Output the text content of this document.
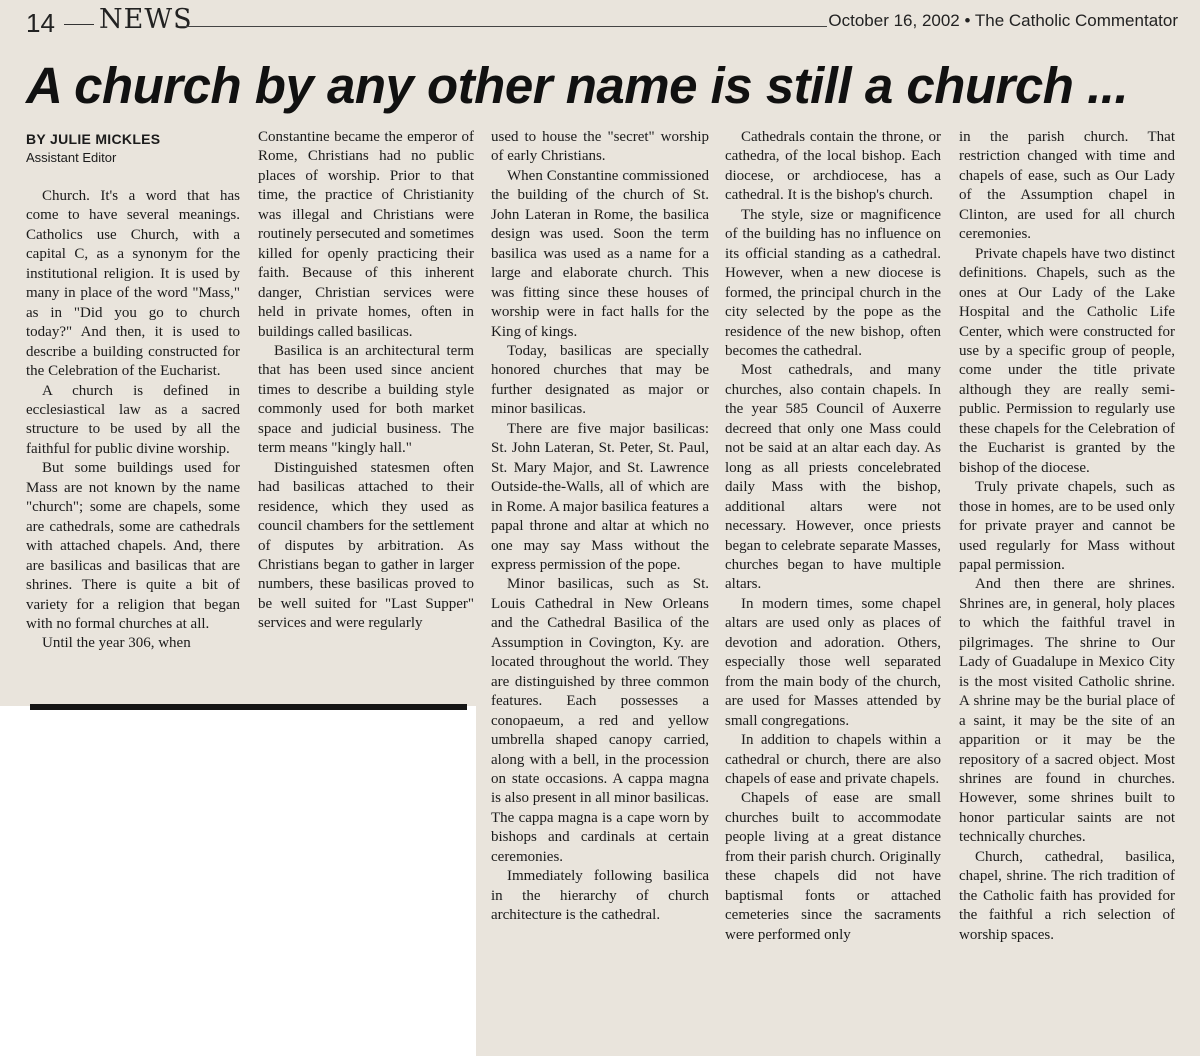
14 NEWS	October 16, 2002 • The Catholic Commentator
A church by any other name is still a church ...
BY JULIE MICKLES
Assistant Editor

Church. It's a word that has come to have several meanings. Catholics use Church, with a capital C, as a synonym for the institutional religion. It is used by many in place of the word "Mass," as in "Did you go to church today?" And then, it is used to describe a building constructed for the Celebration of the Eucharist.

A church is defined in ecclesiastical law as a sacred structure to be used by all the faithful for public divine worship.

But some buildings used for Mass are not known by the name "church"; some are chapels, some are cathedrals, some are cathedrals with attached chapels. And, there are basilicas and basilicas that are shrines. There is quite a bit of variety for a religion that began with no formal churches at all.

Until the year 306, when

Constantine became the emperor of Rome, Christians had no public places of worship. Prior to that time, the practice of Christianity was illegal and Christians were routinely persecuted and sometimes killed for openly practicing their faith. Because of this inherent danger, Christian services were held in private homes, often in buildings called basilicas.

Basilica is an architectural term that has been used since ancient times to describe a building style commonly used for both market space and judicial business. The term means "kingly hall."

Distinguished statesmen often had basilicas attached to their residence, which they used as council chambers for the settlement of disputes by arbitration. As Christians began to gather in larger numbers, these basilicas proved to be well suited for "Last Supper" services and were regularly

used to house the "secret" worship of early Christians.

When Constantine commissioned the building of the church of St. John Lateran in Rome, the basilica design was used. Soon the term basilica was used as a name for a large and elaborate church. This was fitting since these houses of worship were in fact halls for the King of kings.

Today, basilicas are specially honored churches that may be further designated as major or minor basilicas.

There are five major basilicas: St. John Lateran, St. Peter, St. Paul, St. Mary Major, and St. Lawrence Outside-the-Walls, all of which are in Rome. A major basilica features a papal throne and altar at which no one may say Mass without the express permission of the pope.

Minor basilicas, such as St. Louis Cathedral in New Orleans and the Cathedral Basilica of the Assumption in Covington, Ky. are located throughout the world. They are distinguished by three common features. Each possesses a conopaeum, a red and yellow umbrella shaped canopy carried, along with a bell, in the procession on state occasions. A cappa magna is also present in all minor basilicas. The cappa magna is a cape worn by bishops and cardinals at certain ceremonies.

Immediately following basilica in the hierarchy of church architecture is the cathedral.

Cathedrals contain the throne, or cathedra, of the local bishop. Each diocese, or archdiocese, has a cathedral. It is the bishop's church.

The style, size or magnificence of the building has no influence on its official standing as a cathedral. However, when a new diocese is formed, the principal church in the city selected by the pope as the residence of the new bishop, often becomes the cathedral.

Most cathedrals, and many churches, also contain chapels. In the year 585 Council of Auxerre decreed that only one Mass could not be said at an altar each day. As long as all priests concelebrated daily Mass with the bishop, additional altars were not necessary. However, once priests began to celebrate separate Masses, churches began to have multiple altars.

In modern times, some chapel altars are used only as places of devotion and adoration. Others, especially those well separated from the main body of the church, are used for Masses attended by small congregations.

In addition to chapels within a cathedral or church, there are also chapels of ease and private chapels.

Chapels of ease are small churches built to accommodate people living at a great distance from their parish church. Originally these chapels did not have baptismal fonts or attached cemeteries since the sacraments were performed only

in the parish church. That restriction changed with time and chapels of ease, such as Our Lady of the Assumption chapel in Clinton, are used for all church ceremonies.

Private chapels have two distinct definitions. Chapels, such as the ones at Our Lady of the Lake Hospital and the Catholic Life Center, which were constructed for use by a specific group of people, come under the title private although they are really semi-public. Permission to regularly use these chapels for the Celebration of the Eucharist is granted by the bishop of the diocese.

Truly private chapels, such as those in homes, are to be used only for private prayer and cannot be used regularly for Mass without papal permission.

And then there are shrines. Shrines are, in general, holy places to which the faithful travel in pilgrimages. The shrine to Our Lady of Guadalupe in Mexico City is the most visited Catholic shrine. A shrine may be the burial place of a saint, it may be the site of an apparition or it may be the repository of a sacred object. Most shrines are found in churches. However, some shrines built to honor particular saints are not technically churches.

Church, cathedral, basilica, chapel, shrine. The rich tradition of the Catholic faith has provided for the faithful a rich selection of worship spaces.
